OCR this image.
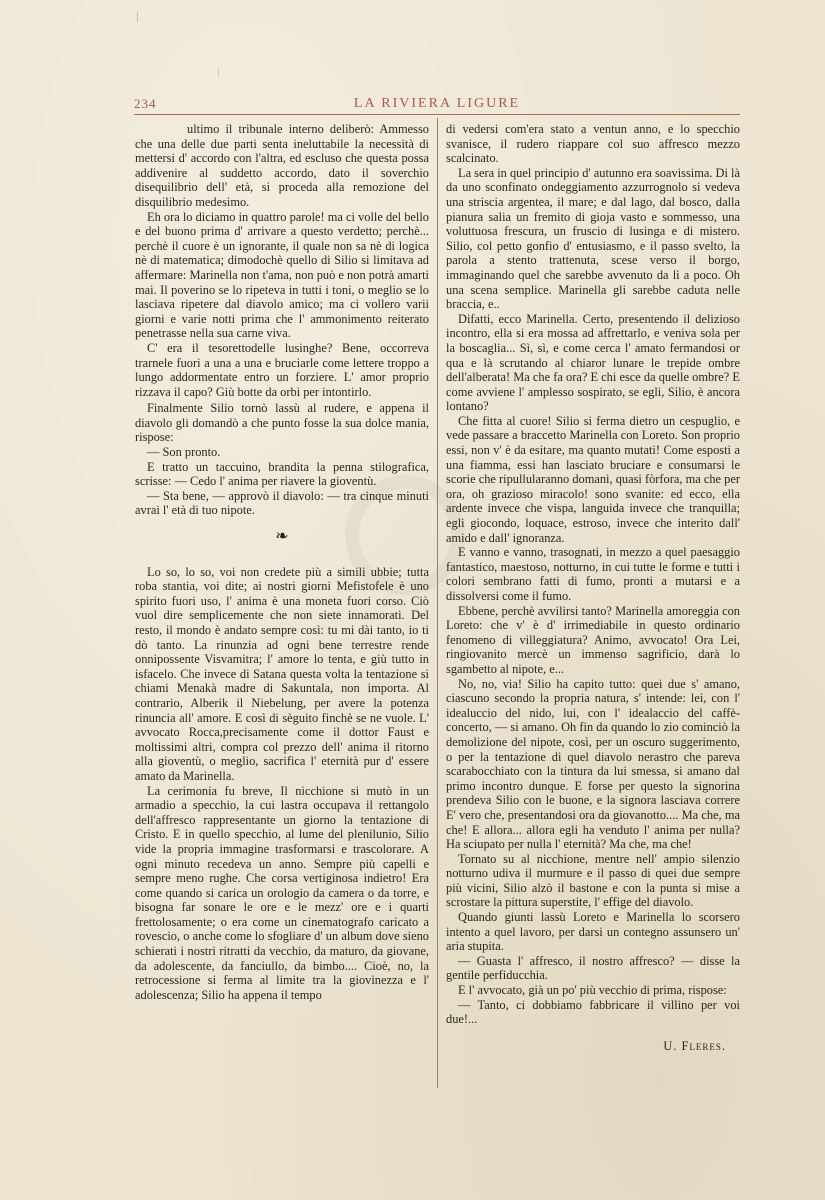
234	LA RIVIERA LIGURE

ultimo il tribunale interno deliberò: Ammesso che una delle due parti senta ineluttabile la necessità di mettersi d' accordo con l'altra, ed escluso che questa possa addivenire al suddetto accordo, dato il soverchio disequilibrio dell' età, si proceda alla remozione del disquilibrio medesimo.

Eh ora lo diciamo in quattro parole! ma ci volle del bello e del buono prima d' arrivare a questo verdetto; perchè... perchè il cuore è un ignorante, il quale non sa nè di logica nè di matematica; dimodochè quello di Silio si limitava ad affermare: Marinella non t'ama, non può e non potrà amarti mai. Il poverino se lo ripeteva in tutti i toni, o meglio se lo lasciava ripetere dal diavolo amico; ma ci vollero varii giorni e varie notti prima che l' ammonimento reiterato penetrasse nella sua carne viva.

C' era il tesorettodelle lusinghe? Bene, occorreva trarnele fuori a una a una e bruciarle come lettere troppo a lungo addormentate entro un forziere. L' amor proprio rizzava il capo? Giù botte da orbi per intontirlo.

Finalmente Silio tornò lassù al rudere, e appena il diavolo gli domandò a che punto fosse la sua dolce mania, rispose:

— Son pronto.

E tratto un taccuino, brandita la penna stilografica, scrisse: — Cedo l' anima per riavere la gioventù.

— Sta bene, — approvò il diavolo: — tra cinque minuti avrai l' età di tuo nipote.

❧

Lo so, lo so, voi non credete più a simili ubbie; tutta roba stantia, voi dite; ai nostri giorni Mefistofele è uno spirito fuori uso, l' anima è una moneta fuori corso. Ciò vuol dire semplicemente che non siete innamorati. Del resto, il mondo è andato sempre così: tu mi dài tanto, io ti dò tanto. La rinunzia ad ogni bene terrestre rende onnipossente Visvamitra; l' amore lo tenta, e giù tutto in isfacelo. Che invece di Satana questa volta la tentazione si chiami Menakà madre di Sakuntala, non importa. Al contrario, Alberik il Niebelung, per avere la potenza rinuncia all' amore. E così di sèguito finchè se ne vuole. L' avvocato Rocca,precisamente come il dottor Faust e moltissimi altri, compra col prezzo dell' anima il ritorno alla gioventù, o meglio, sacrifica l' eternità pur d' essere amato da Marinella.

La cerimonia fu breve, Il nicchione si mutò in un armadio a specchio, la cui lastra occupava il rettangolo dell'affresco rappresentante un giorno la tentazione di Cristo. E in quello specchio, al lume del plenilunio, Silio vide la propria immagine trasformarsi e trascolorare. A ogni minuto recedeva un anno. Sempre più capelli e sempre meno rughe. Che corsa vertiginosa indietro! Era come quando si carica un orologio da camera o da torre, e bisogna far sonare le ore e le mezz' ore e i quarti frettolosamente; o era come un cinematografo caricato a rovescio, o anche come lo sfogliare d' un album dove sieno schierati i nostri ritratti da vecchio, da maturo, da giovane, da adolescente, da fanciullo, da bimbo.... Cioè, no, la retrocessione si ferma al limite tra la giovinezza e l' adolescenza; Silio ha appena il tempo

di vedersi com'era stato a ventun anno, e lo specchio svanisce, il rudero riappare col suo affresco mezzo scalcinato.

La sera in quel principio d' autunno era soavissima. Di là da uno sconfinato ondeggiamento azzurrognolo si vedeva una striscia argentea, il mare; e dal lago, dal bosco, dalla pianura salia un fremito di gioja vasto e sommesso, una voluttuosa frescura, un fruscio di lusinga e di mistero. Silio, col petto gonfio d' entusiasmo, e il passo svelto, la parola a stento trattenuta, scese verso il borgo, immaginando quel che sarebbe avvenuto da lì a poco. Oh una scena semplice. Marinella gli sarebbe caduta nelle braccia, e..

Difatti, ecco Marinella. Certo, presentendo il delizioso incontro, ella si era mossa ad affrettarlo, e veniva sola per la boscaglia... Sì, sì, e come cerca l' amato fermandosi or qua e là scrutando al chiaror lunare le trepide ombre dell'alberata! Ma che fa ora? E chi esce da quelle ombre? E come avviene l' amplesso sospirato, se egli, Silio, è ancora lontano?

Che fitta al cuore! Silio si ferma dietro un cespuglio, e vede passare a braccetto Marinella con Loreto. Son proprio essi, non v' è da esitare, ma quanto mutati! Come esposti a una fiamma, essi han lasciato bruciare e consumarsi le scorie che ripullularanno domani, quasi fòrfora, ma che per ora, oh grazioso miracolo! sono svanite: ed ecco, ella ardente invece che vispa, languida invece che tranquilla; egli giocondo, loquace, estroso, invece che interito dall' amido e dall' ignoranza.

E vanno e vanno, trasognati, in mezzo a quel paesaggio fantastico, maestoso, notturno, in cui tutte le forme e tutti i colori sembrano fatti di fumo, pronti a mutarsi e a dissolversi come il fumo.

Ebbene, perchè avvilirsi tanto? Marinella amoreggia con Loreto: che v' è d' irrimediabile in questo ordinario fenomeno di villeggiatura? Animo, avvocato! Ora Lei, ringiovanito mercè un immenso sagrificio, darà lo sgambetto al nipote, e...

No, no, via! Silio ha capito tutto: quei due s' amano, ciascuno secondo la propria natura, s' intende: lei, con l' idealuccio del nido, lui, con l' idealaccio del caffè-concerto, — si amano. Oh fin da quando lo zio cominciò la demolizione del nipote, così, per un oscuro suggerimento, o per la tentazione di quel diavolo nerastro che pareva scarabocchiato con la tintura da lui smessa, si amano dal primo incontro dunque. E forse per questo la signorina prendeva Silio con le buone, e la signora lasciava correre E' vero che, presentandosi ora da giovanotto.... Ma che, ma che! E allora... allora egli ha venduto l' anima per nulla? Ha sciupato per nulla l' eternità? Ma che, ma che!

Tornato su al nicchione, mentre nell' ampio silenzio notturno udiva il murmure e il passo di quei due sempre più vicini, Silio alzò il bastone e con la punta si mise a scrostare la pittura superstite, l' effige del diavolo.

Quando giunti lassù Loreto e Marinella lo scorsero intento a quel lavoro, per darsi un contegno assunsero un' aria stupita.

— Guasta l' affresco, il nostro affresco? — disse la gentile perfiducchia.

E l' avvocato, già un po' più vecchio di prima, rispose:

— Tanto, ci dobbiamo fabbricare il villino per voi due!...

U. Fleres.
